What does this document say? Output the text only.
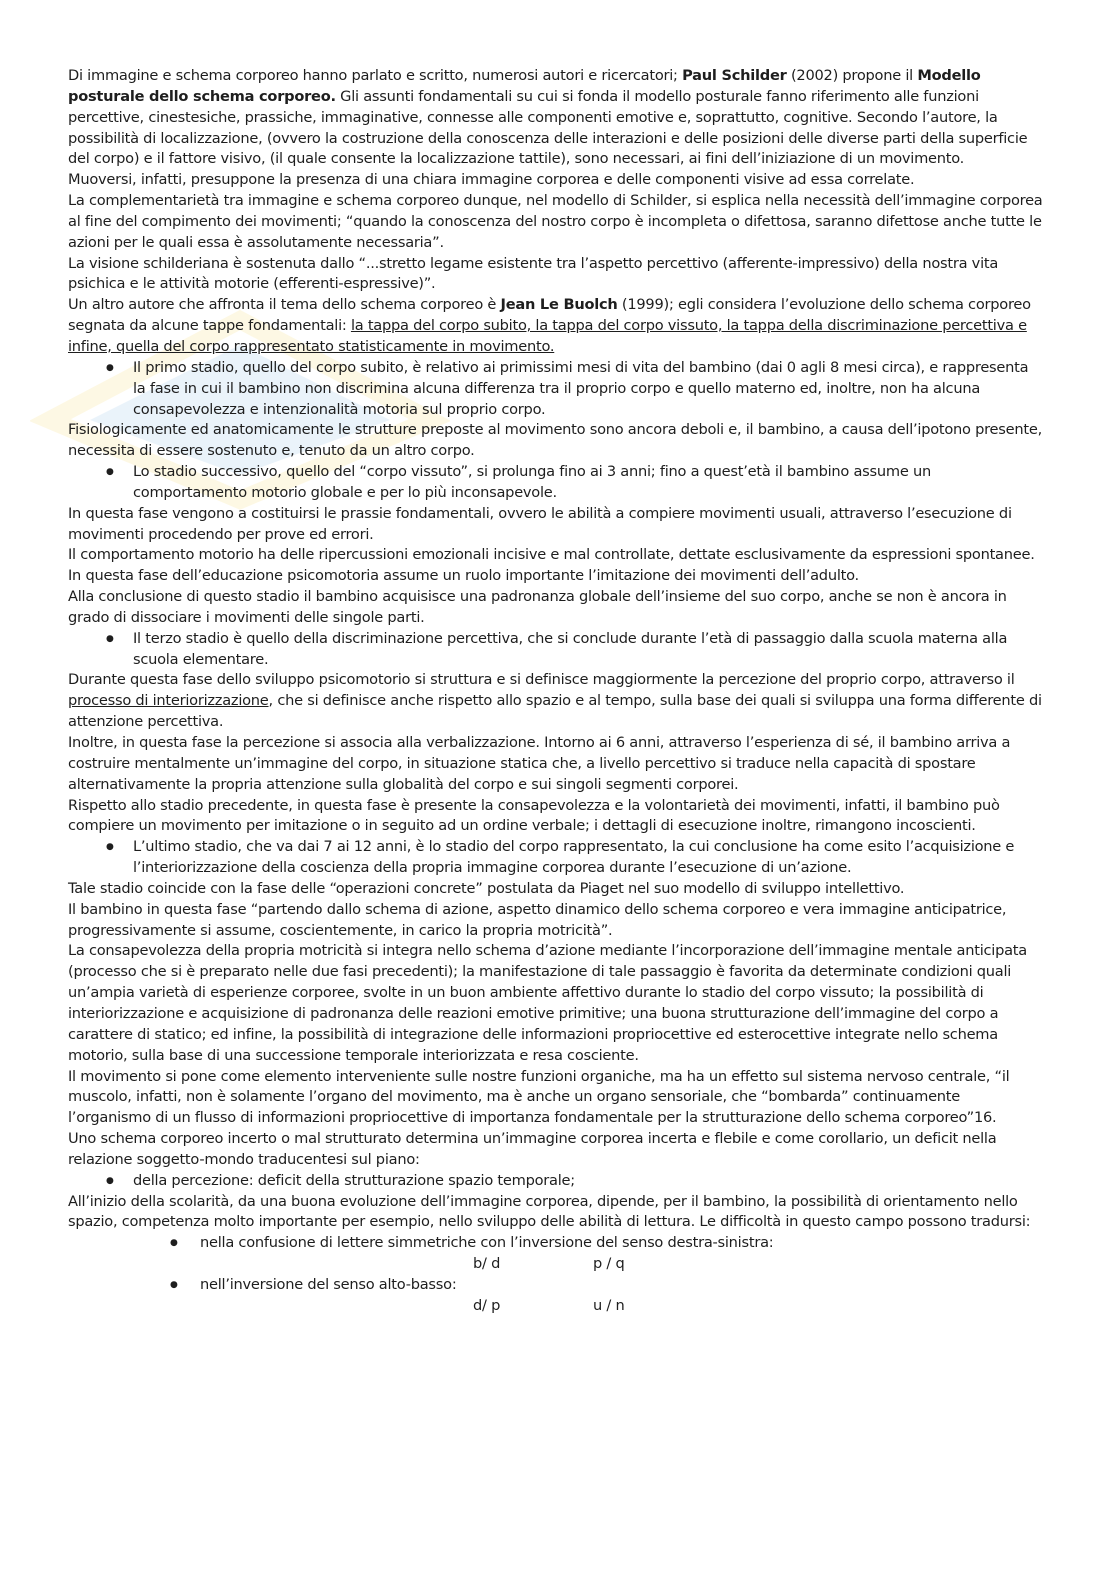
Di immagine e schema corporeo hanno parlato e scritto, numerosi autori e ricercatori; Paul Schilder (2002) propone il Modello posturale dello schema corporeo. Gli assunti fondamentali su cui si fonda il modello posturale fanno riferimento alle funzioni percettive, cinestesiche, prassiche, immaginative, connesse alle componenti emotive e, soprattutto, cognitive. Secondo l’autore, la possibilità di localizzazione, (ovvero la costruzione della conoscenza delle interazioni e delle posizioni delle diverse parti della superficie del corpo) e il fattore visivo, (il quale consente la localizzazione tattile), sono necessari, ai fini dell’iniziazione di un movimento.

Muoversi, infatti, presuppone la presenza di una chiara immagine corporea e delle componenti visive ad essa correlate.

La complementarietà tra immagine e schema corporeo dunque, nel modello di Schilder, si esplica nella necessità dell’immagine corporea al fine del compimento dei movimenti; “quando la conoscenza del nostro corpo è incompleta o difettosa, saranno difettose anche tutte le azioni per le quali essa è assolutamente necessaria”.

La visione schilderiana è sostenuta dallo “...stretto legame esistente tra l’aspetto percettivo (afferente-impressivo) della nostra vita psichica e le attività motorie (efferenti-espressive)”.

Un altro autore che affronta il tema dello schema corporeo è Jean Le Buolch (1999); egli considera l’evoluzione dello schema corporeo segnata da alcune tappe fondamentali: la tappa del corpo subito, la tappa del corpo vissuto, la tappa della discriminazione percettiva e infine, quella del corpo rappresentato statisticamente in movimento.

● Il primo stadio, quello del corpo subito, è relativo ai primissimi mesi di vita del bambino (dai 0 agli 8 mesi circa), e rappresenta la fase in cui il bambino non discrimina alcuna differenza tra il proprio corpo e quello materno ed, inoltre, non ha alcuna consapevolezza e intenzionalità motoria sul proprio corpo.

Fisiologicamente ed anatomicamente le strutture preposte al movimento sono ancora deboli e, il bambino, a causa dell’ipotono presente, necessita di essere sostenuto e, tenuto da un altro corpo.

● Lo stadio successivo, quello del “corpo vissuto”, si prolunga fino ai 3 anni; fino a quest’età il bambino assume un comportamento motorio globale e per lo più inconsapevole.

In questa fase vengono a costituirsi le prassie fondamentali, ovvero le abilità a compiere movimenti usuali, attraverso l’esecuzione di movimenti procedendo per prove ed errori.

Il comportamento motorio ha delle ripercussioni emozionali incisive e mal controllate, dettate esclusivamente da espressioni spontanee. In questa fase dell’educazione psicomotoria assume un ruolo importante l’imitazione dei movimenti dell’adulto.

Alla conclusione di questo stadio il bambino acquisisce una padronanza globale dell’insieme del suo corpo, anche se non è ancora in grado di dissociare i movimenti delle singole parti.

● Il terzo stadio è quello della discriminazione percettiva, che si conclude durante l’età di passaggio dalla scuola materna alla scuola elementare.

Durante questa fase dello sviluppo psicomotorio si struttura e si definisce maggiormente la percezione del proprio corpo, attraverso il processo di interiorizzazione, che si definisce anche rispetto allo spazio e al tempo, sulla base dei quali si sviluppa una forma differente di attenzione percettiva.

Inoltre, in questa fase la percezione si associa alla verbalizzazione. Intorno ai 6 anni, attraverso l’esperienza di sé, il bambino arriva a costruire mentalmente un’immagine del corpo, in situazione statica che, a livello percettivo si traduce nella capacità di spostare alternativamente la propria attenzione sulla globalità del corpo e sui singoli segmenti corporei.

Rispetto allo stadio precedente, in questa fase è presente la consapevolezza e la volontarietà dei movimenti, infatti, il bambino può compiere un movimento per imitazione o in seguito ad un ordine verbale; i dettagli di esecuzione inoltre, rimangono incoscienti.

● L’ultimo stadio, che va dai 7 ai 12 anni, è lo stadio del corpo rappresentato, la cui conclusione ha come esito l’acquisizione e l’interiorizzazione della coscienza della propria immagine corporea durante l’esecuzione di un’azione.

Tale stadio coincide con la fase delle “operazioni concrete” postulata da Piaget nel suo modello di sviluppo intellettivo.

Il bambino in questa fase “partendo dallo schema di azione, aspetto dinamico dello schema corporeo e vera immagine anticipatrice, progressivamente si assume, coscientemente, in carico la propria motricità”.

La consapevolezza della propria motricità si integra nello schema d’azione mediante l’incorporazione dell’immagine mentale anticipata (processo che si è preparato nelle due fasi precedenti); la manifestazione di tale passaggio è favorita da determinate condizioni quali un’ampia varietà di esperienze corporee, svolte in un buon ambiente affettivo durante lo stadio del corpo vissuto; la possibilità di interiorizzazione e acquisizione di padronanza delle reazioni emotive primitive; una buona strutturazione dell’immagine del corpo a carattere di statico; ed infine, la possibilità di integrazione delle informazioni propriocettive ed esterocettive integrate nello schema motorio, sulla base di una successione temporale interiorizzata e resa cosciente.

Il movimento si pone come elemento interveniente sulle nostre funzioni organiche, ma ha un effetto sul sistema nervoso centrale, “il muscolo, infatti, non è solamente l’organo del movimento, ma è anche un organo sensoriale, che “bombarda” continuamente l’organismo di un flusso di informazioni propriocettive di importanza fondamentale per la strutturazione dello schema corporeo”16.

Uno schema corporeo incerto o mal strutturato determina un’immagine corporea incerta e flebile e come corollario, un deficit nella relazione soggetto-mondo traducentesi sul piano:

● della percezione: deficit della strutturazione spazio temporale;

All’inizio della scolarità, da una buona evoluzione dell’immagine corporea, dipende, per il bambino, la possibilità di orientamento nello spazio, competenza molto importante per esempio, nello sviluppo delle abilità di lettura. Le difficoltà in questo campo possono tradursi:

● nella confusione di lettere simmetriche con l’inversione del senso destra-sinistra:

b/ d	p / q

● nell’inversione del senso alto-basso:

d/ p	u / n
